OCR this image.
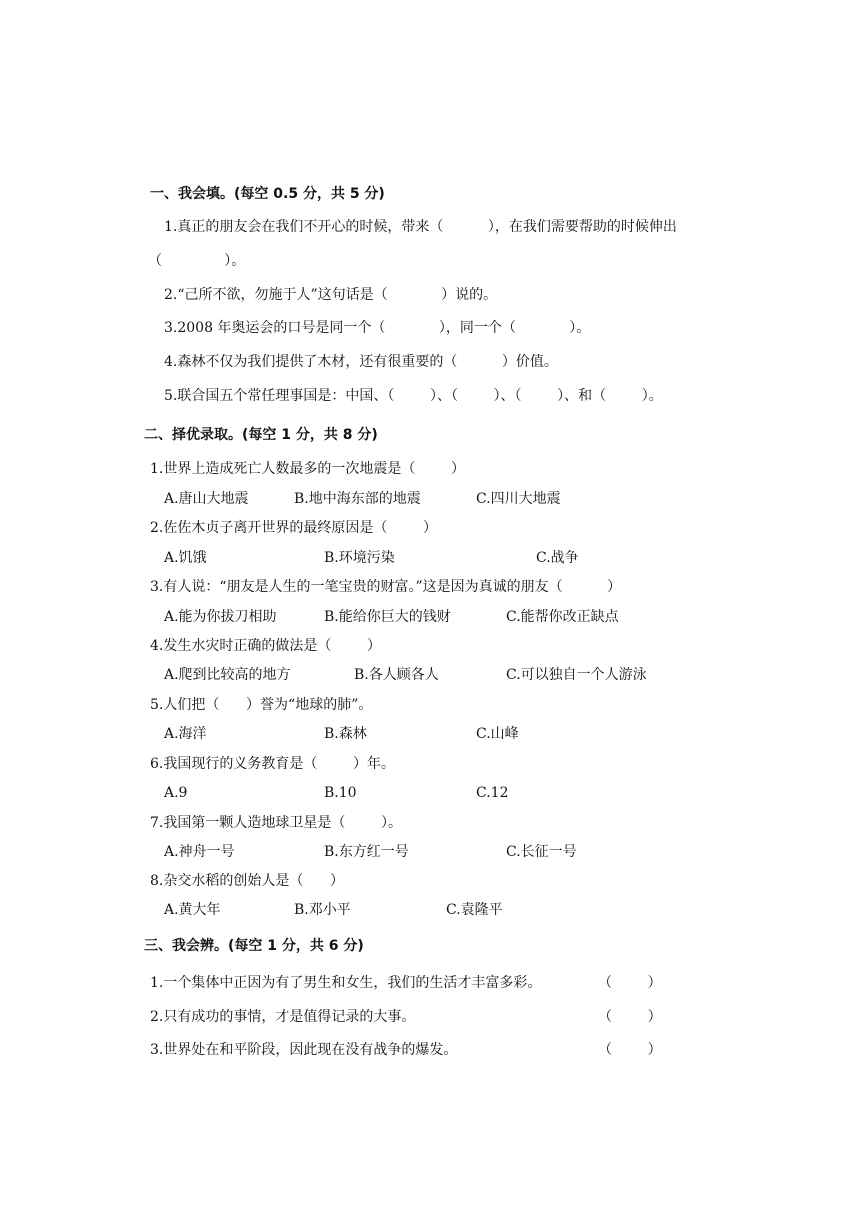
一、我会填。(每空 0.5 分，共 5 分)
1.真正的朋友会在我们不开心的时候，带来（          ），在我们需要帮助的时候伸出
（              ）。
2.“己所不欲，勿施于人”这句话是（            ）说的。
3.2008 年奥运会的口号是同一个（            ），同一个（            ）。
4.森林不仅为我们提供了木材，还有很重要的（          ）价值。
5.联合国五个常任理事国是：中国、（        ）、（        ）、（        ）、和（        ）。
二、择优录取。(每空 1 分，共 8 分)
1.世界上造成死亡人数最多的一次地震是（        ）
A.唐山大地震	B.地中海东部的地震	C.四川大地震
2.佐佐木贞子离开世界的最终原因是（        ）
A.饥饿	B.环境污染	C.战争
3.有人说：“朋友是人生的一笔宝贵的财富。”这是因为真诚的朋友（          ）
A.能为你拔刀相助	B.能给你巨大的钱财	C.能帮你改正缺点
4.发生水灾时正确的做法是（        ）
A.爬到比较高的地方	B.各人顾各人	C.可以独自一个人游泳
5.人们把（      ）誉为“地球的肺”。
A.海洋	B.森林	C.山峰
6.我国现行的义务教育是（        ）年。
A.9	B.10	C.12
7.我国第一颗人造地球卫星是（        ）。
A.神舟一号	B.东方红一号	C.长征一号
8.杂交水稻的创始人是（      ）
A.黄大年	B.邓小平	C.袁隆平
三、我会辨。(每空 1 分，共 6 分)
1.一个集体中正因为有了男生和女生，我们的生活才丰富多彩。	（        ）
2.只有成功的事情，才是值得记录的大事。	（        ）
3.世界处在和平阶段，因此现在没有战争的爆发。	（        ）
